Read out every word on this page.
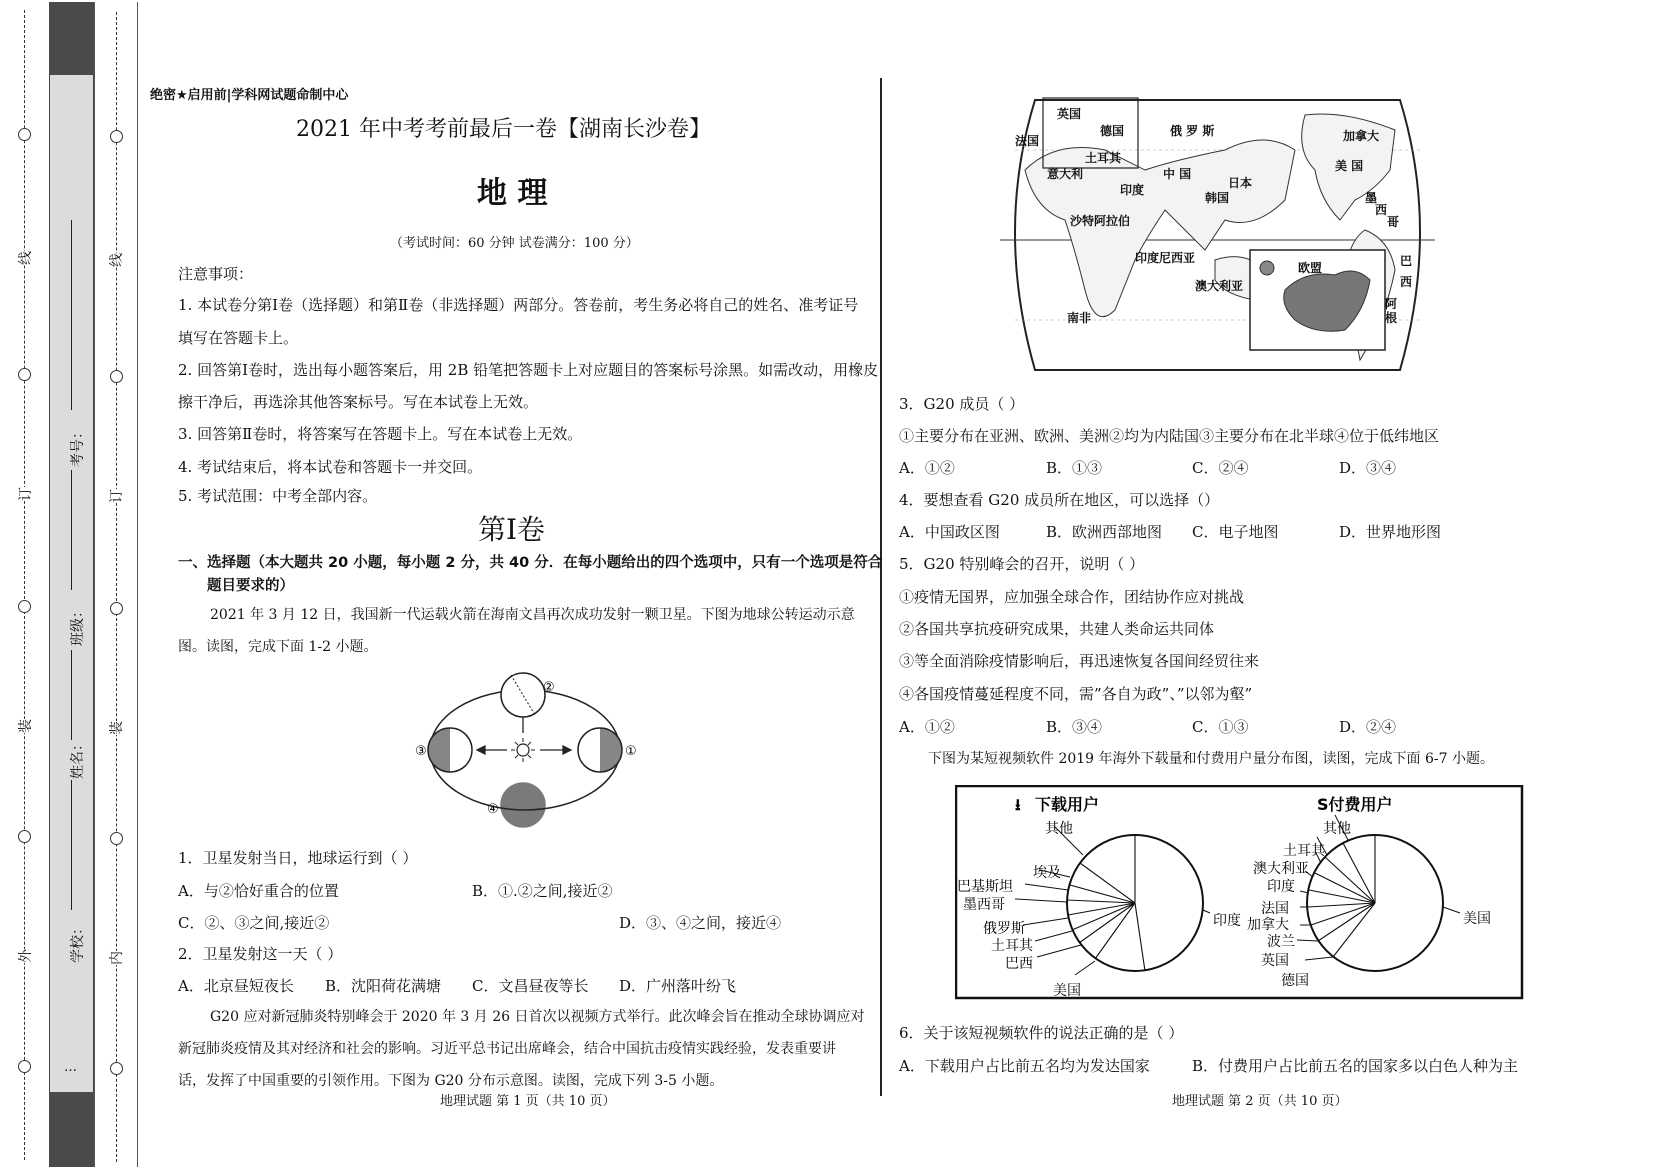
线
订
装
外
考号：
班级：
姓名：
学校：
…
线
订
装
内
绝密★启用前|学科网试题命制中心
2021 年中考考前最后一卷【湖南长沙卷】
地 理
（考试时间：60 分钟 试卷满分：100 分）
注意事项：
1. 本试卷分第Ⅰ卷（选择题）和第Ⅱ卷（非选择题）两部分。答卷前，考生务必将自己的姓名、准考证号
填写在答题卡上。
2. 回答第Ⅰ卷时，选出每小题答案后，用 2B 铅笔把答题卡上对应题目的答案标号涂黑。如需改动，用橡皮
擦干净后，再选涂其他答案标号。写在本试卷上无效。
3. 回答第Ⅱ卷时，将答案写在答题卡上。写在本试卷上无效。
4. 考试结束后，将本试卷和答题卡一并交回。
5. 考试范围：中考全部内容。
第Ⅰ卷
一、选择题（本大题共 20 小题，每小题 2 分，共 40 分．在每小题给出的四个选项中，只有一个选项是符合
题目要求的）
2021 年 3 月 12 日，我国新一代运载火箭在海南文昌再次成功发射一颗卫星。下图为地球公转运动示意
图。读图，完成下面 1-2 小题。
②
①
③
④
1．卫星发射当日，地球运行到（ ）
A．与②恰好重合的位置	B．①.②之间,接近②
C．②、③之间,接近②	D．③、④之间，接近④
2．卫星发射这一天（ ）
A．北京昼短夜长 B．沈阳荷花满塘 C．文昌昼夜等长 D．广州落叶纷飞
G20 应对新冠肺炎特别峰会于 2020 年 3 月 26 日首次以视频方式举行。此次峰会旨在推动全球协调应对
新冠肺炎疫情及其对经济和社会的影响。习近平总书记出席峰会，结合中国抗击疫情实践经验，发表重要讲
话，发挥了中国重要的引领作用。下图为 G20 分布示意图。读图，完成下列 3-5 小题。
地理试题 第 1 页（共 10 页）
英国
法国
德国	俄 罗 斯
土耳其
意大利
印度
中 国
日本
韩国
沙特阿拉伯
印度尼西亚
澳大利亚
南非
加拿大
美 国
墨
西
哥
巴
西
阿
根
欧盟
3．G20 成员（ ）
①主要分布在亚洲、欧洲、美洲②均为内陆国③主要分布在北半球④位于低纬地区
A．①②	B．①③	C．②④	D．③④
4．要想查看 G20 成员所在地区，可以选择（）
A．中国政区图	B．欧洲西部地图 C．电子地图	D．世界地形图
5．G20 特别峰会的召开，说明（ ）
①疫情无国界，应加强全球合作，团结协作应对挑战
②各国共享抗疫研究成果，共建人类命运共同体
③等全面消除疫情影响后，再迅速恢复各国间经贸往来
④各国疫情蔓延程度不同，需”各自为政”、”以邻为壑”
A．①②	B．③④	C．①③	D．②④
下图为某短视频软件 2019 年海外下载量和付费用户量分布图，读图，完成下面 6-7 小题。
⭳ 下载用户
其他
埃及
巴基斯坦
墨西哥
俄罗斯
土耳其
巴西
美国
印度
S付费用户
其他
土耳其
澳大利亚
印度
法国
加拿大
波兰
英国
德国
美国
6．关于该短视频软件的说法正确的是（ ）
A．下载用户占比前五名均为发达国家	B．付费用户占比前五名的国家多以白色人种为主
地理试题 第 2 页（共 10 页）
